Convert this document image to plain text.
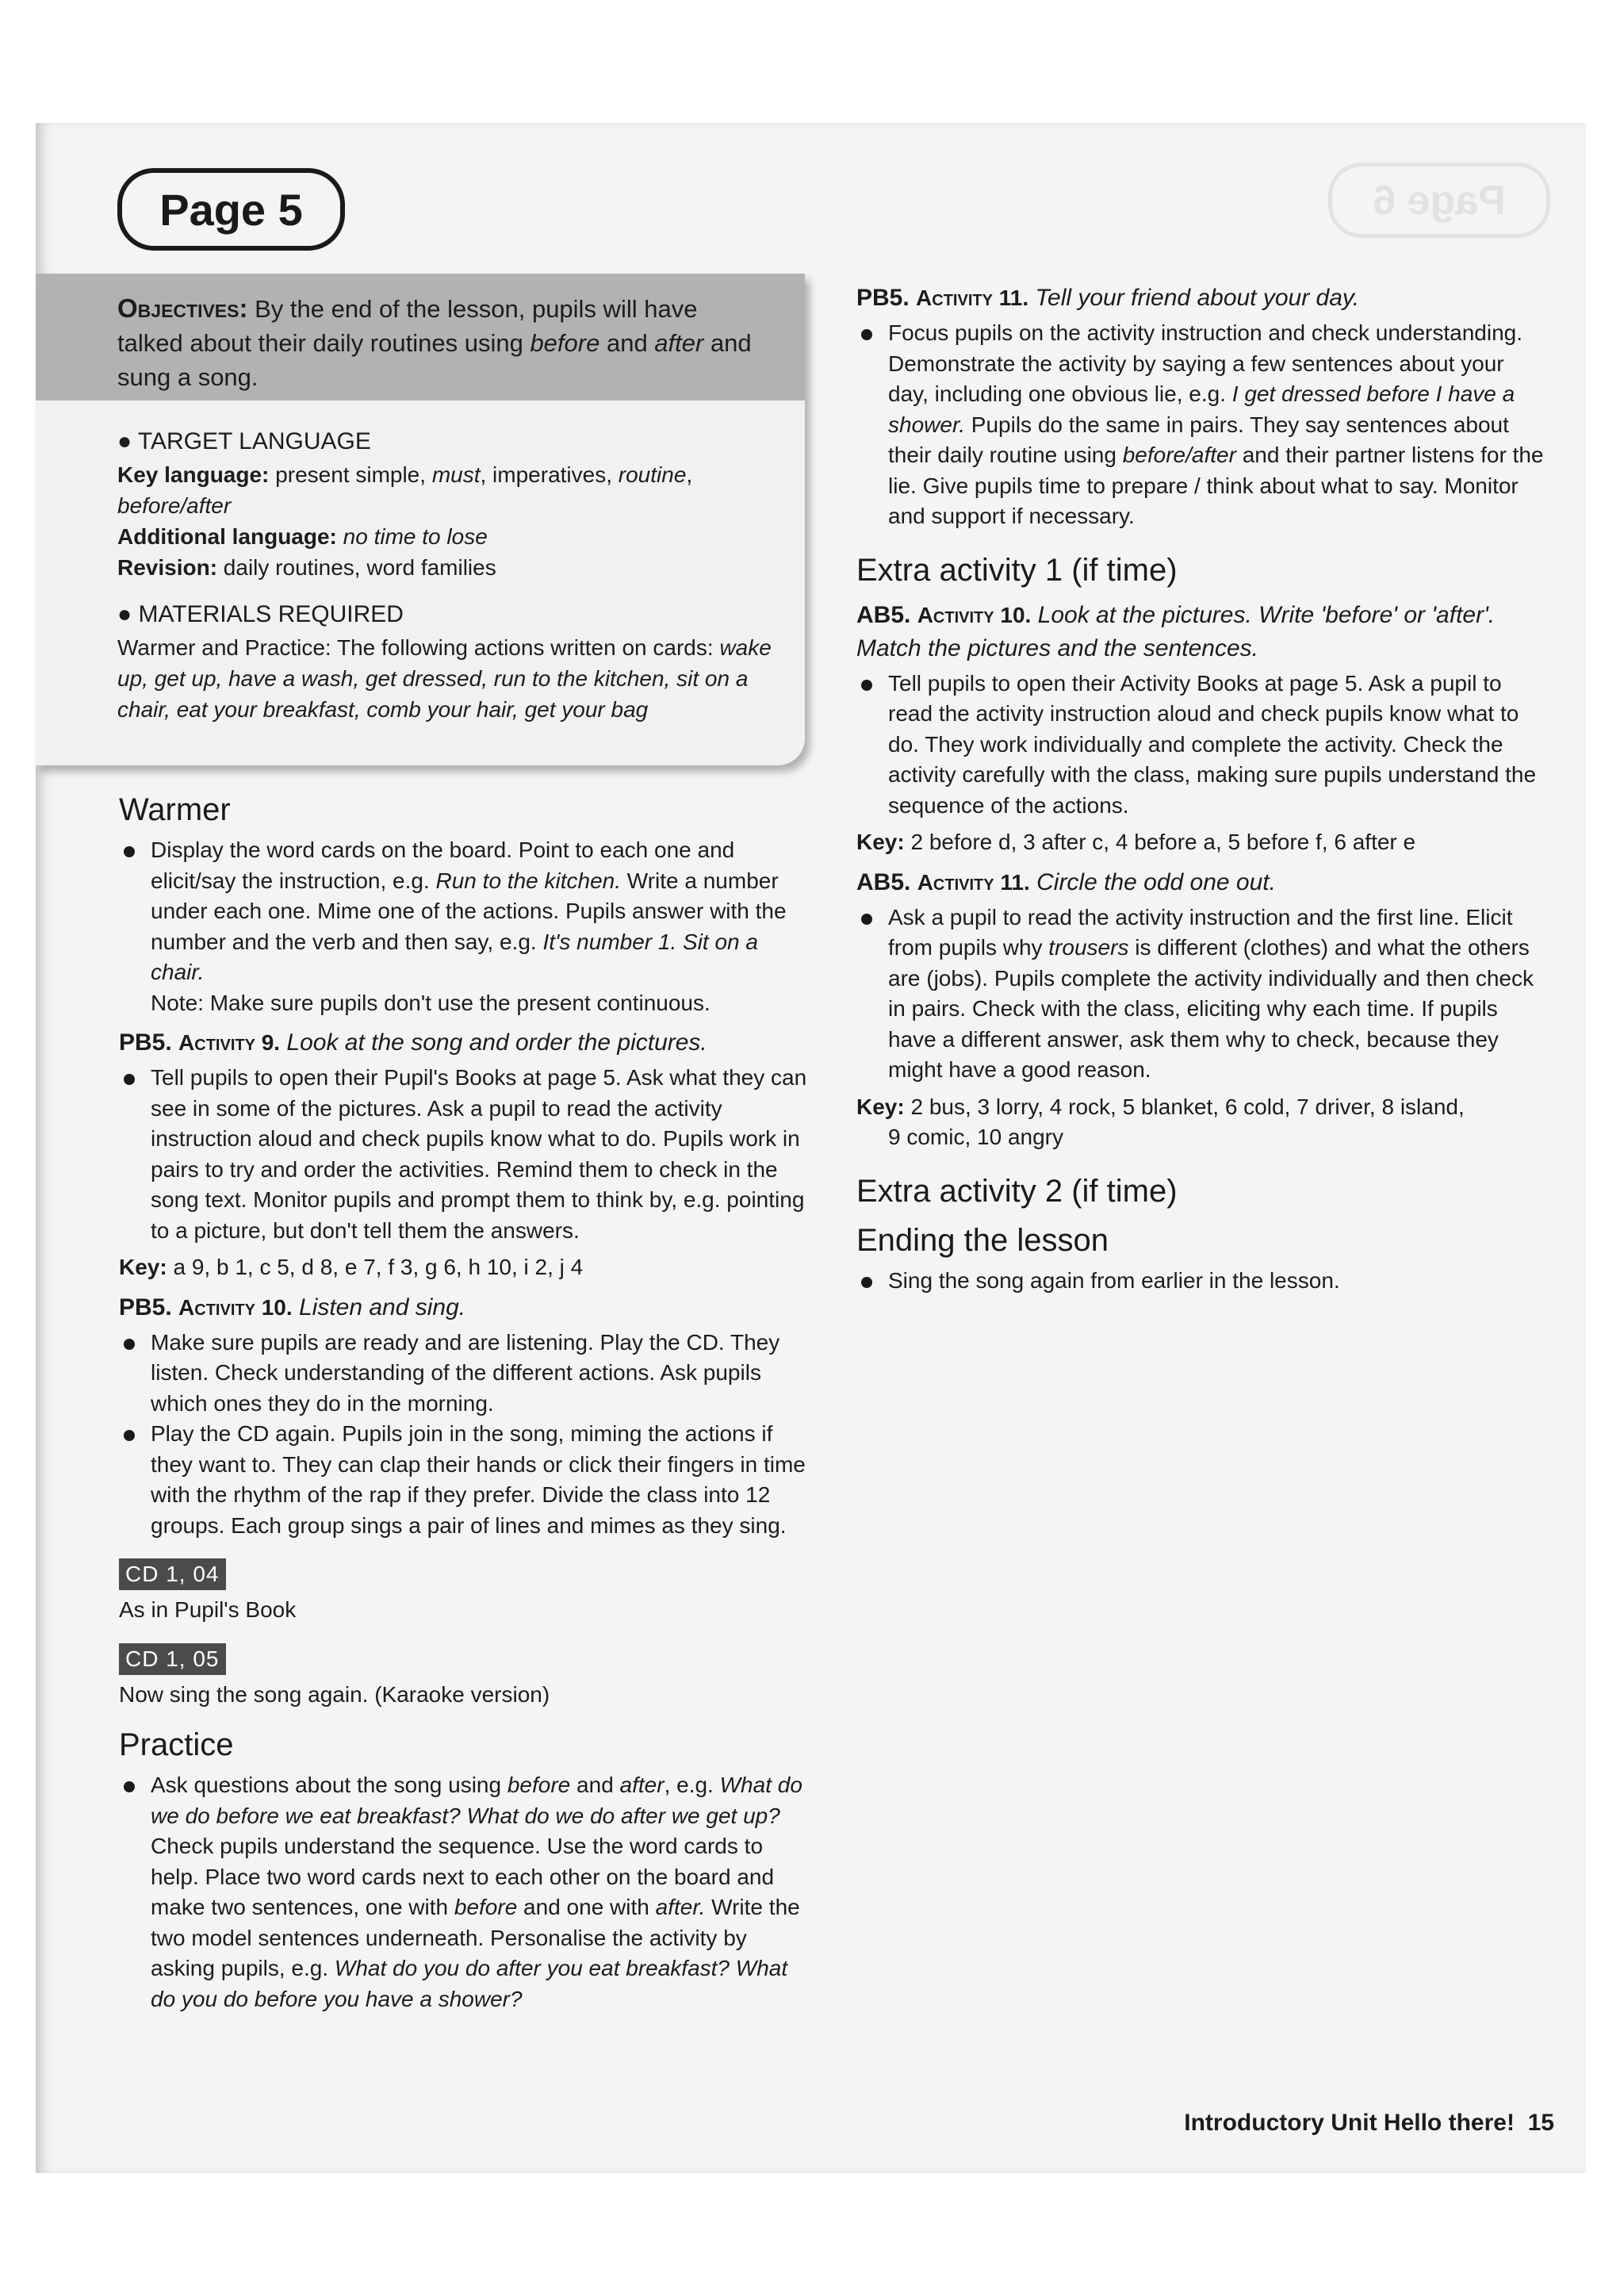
Page 6
Page 5
Objectives: By the end of the lesson, pupils will have talked about their daily routines using before and after and sung a song.
● TARGET LANGUAGE
Key language: present simple, must, imperatives, routine, before/after
Additional language: no time to lose
Revision: daily routines, word families
● MATERIALS REQUIRED
Warmer and Practice: The following actions written on cards: wake up, get up, have a wash, get dressed, run to the kitchen, sit on a chair, eat your breakfast, comb your hair, get your bag
Warmer

Display the word cards on the board. Point to each one and elicit/say the instruction, e.g. Run to the kitchen. Write a number under each one. Mime one of the actions. Pupils answer with the number and the verb and then say, e.g. It's number 1. Sit on a chair.

Note: Make sure pupils don't use the present continuous.

PB5. Activity 9. Look at the song and order the pictures.

Tell pupils to open their Pupil's Books at page 5. Ask what they can see in some of the pictures. Ask a pupil to read the activity instruction aloud and check pupils know what to do. Pupils work in pairs to try and order the activities. Remind them to check in the song text. Monitor pupils and prompt them to think by, e.g. pointing to a picture, but don't tell them the answers.

Key: a 9, b 1, c 5, d 8, e 7, f 3, g 6, h 10, i 2, j 4

PB5. Activity 10. Listen and sing.

Make sure pupils are ready and are listening. Play the CD. They listen. Check understanding of the different actions. Ask pupils which ones they do in the morning.

Play the CD again. Pupils join in the song, miming the actions if they want to. They can clap their hands or click their fingers in time with the rhythm of the rap if they prefer. Divide the class into 12 groups. Each group sings a pair of lines and mimes as they sing.

CD 1, 04

As in Pupil's Book

CD 1, 05

Now sing the song again. (Karaoke version)

Practice

Ask questions about the song using before and after, e.g. What do we do before we eat breakfast? What do we do after we get up? Check pupils understand the sequence. Use the word cards to help. Place two word cards next to each other on the board and make two sentences, one with before and one with after. Write the two model sentences underneath. Personalise the activity by asking pupils, e.g. What do you do after you eat breakfast? What do you do before you have a shower?

PB5. Activity 11. Tell your friend about your day.

Focus pupils on the activity instruction and check understanding. Demonstrate the activity by saying a few sentences about your day, including one obvious lie, e.g. I get dressed before I have a shower. Pupils do the same in pairs. They say sentences about their daily routine using before/after and their partner listens for the lie. Give pupils time to prepare / think about what to say. Monitor and support if necessary.

Extra activity 1 (if time)
AB5. Activity 10. Look at the pictures. Write 'before' or 'after'. Match the pictures and the sentences.

Tell pupils to open their Activity Books at page 5. Ask a pupil to read the activity instruction aloud and check pupils know what to do. They work individually and complete the activity. Check the activity carefully with the class, making sure pupils understand the sequence of the actions.

Key: 2 before d, 3 after c, 4 before a, 5 before f, 6 after e

AB5. Activity 11. Circle the odd one out.

Ask a pupil to read the activity instruction and the first line. Elicit from pupils why trousers is different (clothes) and what the others are (jobs). Pupils complete the activity individually and then check in pairs. Check with the class, eliciting why each time. If pupils have a different answer, ask them why to check, because they might have a good reason.

Key: 2 bus, 3 lorry, 4 rock, 5 blanket, 6 cold, 7 driver, 8 island,
9 comic, 10 angry

Extra activity 2 (if time)
Ending the lesson

Sing the song again from earlier in the lesson.

Introductory Unit Hello there! 15
